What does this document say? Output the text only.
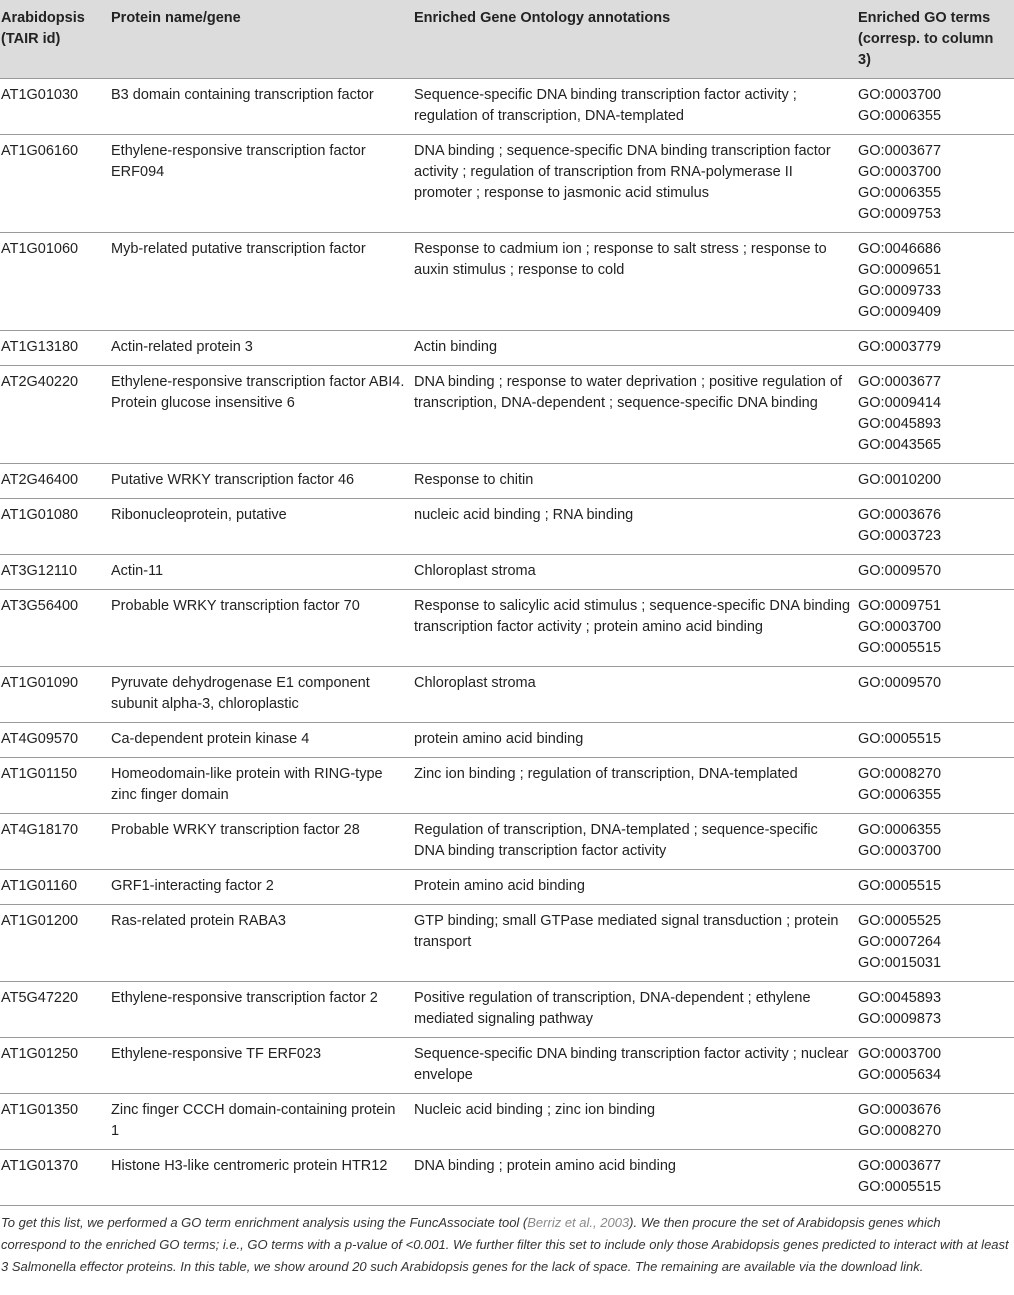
Arabidopsis (TAIR id)	Protein name/gene	Enriched Gene Ontology annotations	Enriched GO terms (corresp. to column 3)
AT1G01030	B3 domain containing transcription factor	Sequence-specific DNA binding transcription factor activity ; regulation of transcription, DNA-templated	GO:0003700
GO:0006355

AT1G06160	Ethylene-responsive transcription factor ERF094	DNA binding ; sequence-specific DNA binding transcription factor activity ; regulation of transcription from RNA-polymerase II promoter ; response to jasmonic acid stimulus	GO:0003677
GO:0003700
GO:0006355
GO:0009753

AT1G01060	Myb-related putative transcription factor	Response to cadmium ion ; response to salt stress ; response to auxin stimulus ; response to cold	GO:0046686
GO:0009651
GO:0009733
GO:0009409

AT1G13180	Actin-related protein 3	Actin binding	GO:0003779

AT2G40220	Ethylene-responsive transcription factor ABI4. Protein glucose insensitive 6	DNA binding ; response to water deprivation ; positive regulation of transcription, DNA-dependent ; sequence-specific DNA binding	GO:0003677
GO:0009414
GO:0045893
GO:0043565

AT2G46400	Putative WRKY transcription factor 46	Response to chitin	GO:0010200

AT1G01080	Ribonucleoprotein, putative	nucleic acid binding ; RNA binding	GO:0003676
GO:0003723

AT3G12110	Actin-11	Chloroplast stroma	GO:0009570

AT3G56400	Probable WRKY transcription factor 70	Response to salicylic acid stimulus ; sequence-specific DNA binding transcription factor activity ; protein amino acid binding	GO:0009751
GO:0003700
GO:0005515

AT1G01090	Pyruvate dehydrogenase E1 component subunit alpha-3, chloroplastic	Chloroplast stroma	GO:0009570

AT4G09570	Ca-dependent protein kinase 4	protein amino acid binding	GO:0005515

AT1G01150	Homeodomain-like protein with RING-type zinc finger domain	Zinc ion binding ; regulation of transcription, DNA-templated	GO:0008270
GO:0006355

AT4G18170	Probable WRKY transcription factor 28	Regulation of transcription, DNA-templated ; sequence-specific DNA binding transcription factor activity	GO:0006355
GO:0003700

AT1G01160	GRF1-interacting factor 2	Protein amino acid binding	GO:0005515

AT1G01200	Ras-related protein RABA3	GTP binding; small GTPase mediated signal transduction ; protein transport	GO:0005525
GO:0007264
GO:0015031

AT5G47220	Ethylene-responsive transcription factor 2	Positive regulation of transcription, DNA-dependent ; ethylene mediated signaling pathway	GO:0045893
GO:0009873

AT1G01250	Ethylene-responsive TF ERF023	Sequence-specific DNA binding transcription factor activity ; nuclear envelope	GO:0003700
GO:0005634

AT1G01350	Zinc finger CCCH domain-containing protein 1	Nucleic acid binding ; zinc ion binding	GO:0003676
GO:0008270

AT1G01370	Histone H3-like centromeric protein HTR12	DNA binding ; protein amino acid binding	GO:0003677
GO:0005515
To get this list, we performed a GO term enrichment analysis using the FuncAssociate tool (Berriz et al., 2003). We then procure the set of Arabidopsis genes which correspond to the enriched GO terms; i.e., GO terms with a p-value of <0.001. We further filter this set to include only those Arabidopsis genes predicted to interact with at least 3 Salmonella effector proteins. In this table, we show around 20 such Arabidopsis genes for the lack of space. The remaining are available via the download link.
